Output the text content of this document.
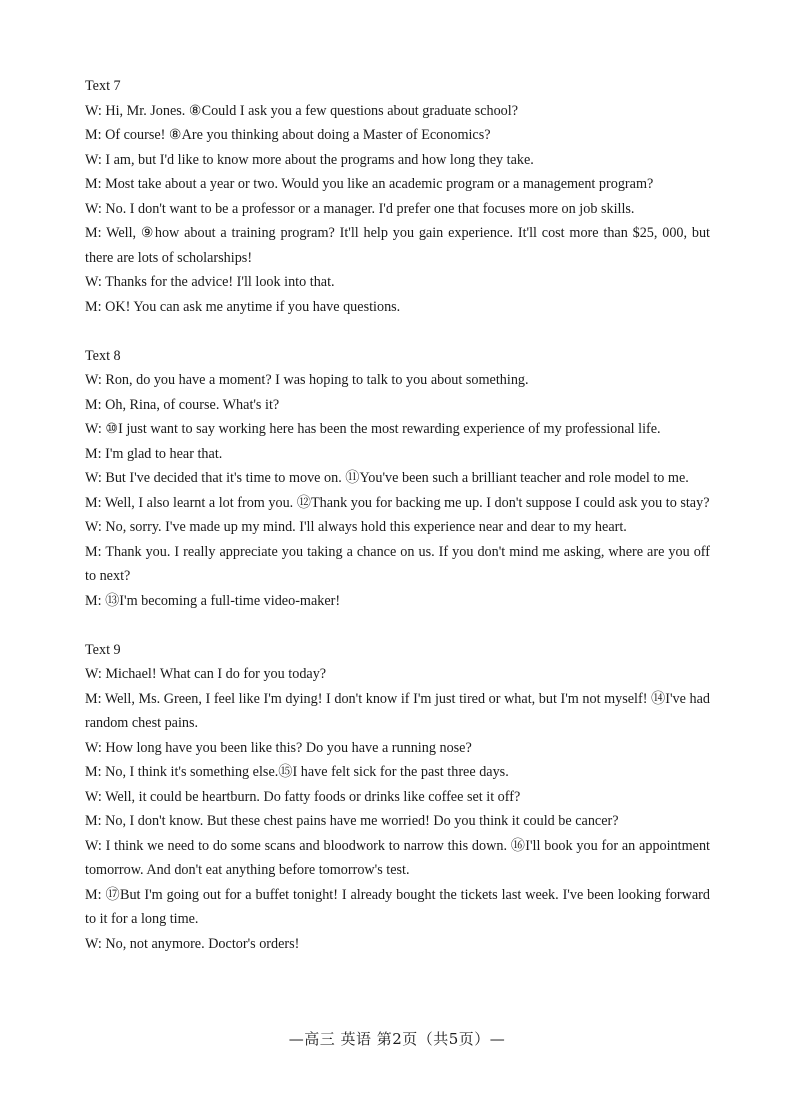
Text 7
W: Hi, Mr. Jones. ⑧Could I ask you a few questions about graduate school?
M: Of course! ⑧Are you thinking about doing a Master of Economics?
W: I am, but I'd like to know more about the programs and how long they take.
M: Most take about a year or two. Would you like an academic program or a management program?
W: No. I don't want to be a professor or a manager. I'd prefer one that focuses more on job skills.
M: Well, ⑨how about a training program? It'll help you gain experience. It'll cost more than $25, 000, but there are lots of scholarships!
W: Thanks for the advice! I'll look into that.
M: OK! You can ask me anytime if you have questions.
Text 8
W: Ron, do you have a moment? I was hoping to talk to you about something.
M: Oh, Rina, of course. What's it?
W: ⑩I just want to say working here has been the most rewarding experience of my professional life.
M: I'm glad to hear that.
W: But I've decided that it's time to move on. ⑪You've been such a brilliant teacher and role model to me.
M: Well, I also learnt a lot from you. ⑫Thank you for backing me up. I don't suppose I could ask you to stay?
W: No, sorry. I've made up my mind. I'll always hold this experience near and dear to my heart.
M: Thank you. I really appreciate you taking a chance on us. If you don't mind me asking, where are you off to next?
M: ⑬I'm becoming a full-time video-maker!
Text 9
W: Michael! What can I do for you today?
M: Well, Ms. Green, I feel like I'm dying! I don't know if I'm just tired or what, but I'm not myself! ⑭I've had random chest pains.
W: How long have you been like this? Do you have a running nose?
M: No, I think it's something else.⑮I have felt sick for the past three days.
W: Well, it could be heartburn. Do fatty foods or drinks like coffee set it off?
M: No, I don't know. But these chest pains have me worried! Do you think it could be cancer?
W: I think we need to do some scans and bloodwork to narrow this down. ⑯I'll book you for an appointment tomorrow. And don't eat anything before tomorrow's test.
M: ⑰But I'm going out for a buffet tonight! I already bought the tickets last week. I've been looking forward to it for a long time.
W: No, not anymore. Doctor's orders!
—高三 英语 第2页（共5页）—
